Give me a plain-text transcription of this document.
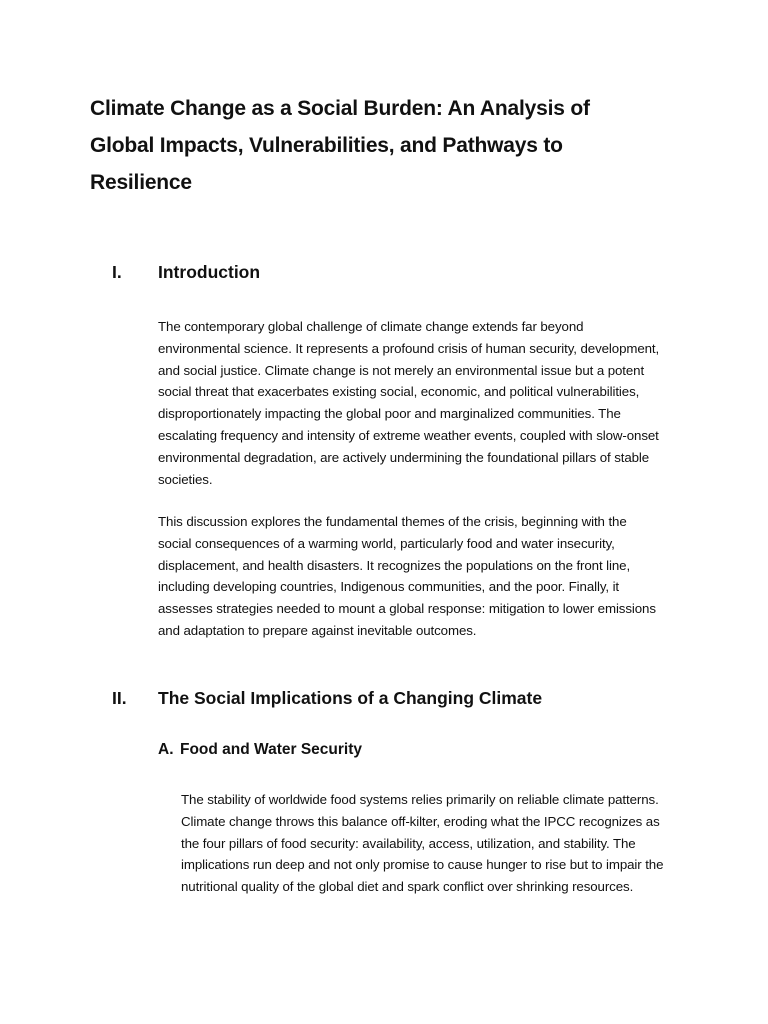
Climate Change as a Social Burden: An Analysis of Global Impacts, Vulnerabilities, and Pathways to Resilience
I. Introduction

The contemporary global challenge of climate change extends far beyond environmental science. It represents a profound crisis of human security, development, and social justice. Climate change is not merely an environmental issue but a potent social threat that exacerbates existing social, economic, and political vulnerabilities, disproportionately impacting the global poor and marginalized communities. The escalating frequency and intensity of extreme weather events, coupled with slow-onset environmental degradation, are actively undermining the foundational pillars of stable societies.

This discussion explores the fundamental themes of the crisis, beginning with the social consequences of a warming world, particularly food and water insecurity, displacement, and health disasters. It recognizes the populations on the front line, including developing countries, Indigenous communities, and the poor. Finally, it assesses strategies needed to mount a global response: mitigation to lower emissions and adaptation to prepare against inevitable outcomes.

II. The Social Implications of a Changing Climate
A. Food and Water Security

The stability of worldwide food systems relies primarily on reliable climate patterns. Climate change throws this balance off-kilter, eroding what the IPCC recognizes as the four pillars of food security: availability, access, utilization, and stability. The implications run deep and not only promise to cause hunger to rise but to impair the nutritional quality of the global diet and spark conflict over shrinking resources.
